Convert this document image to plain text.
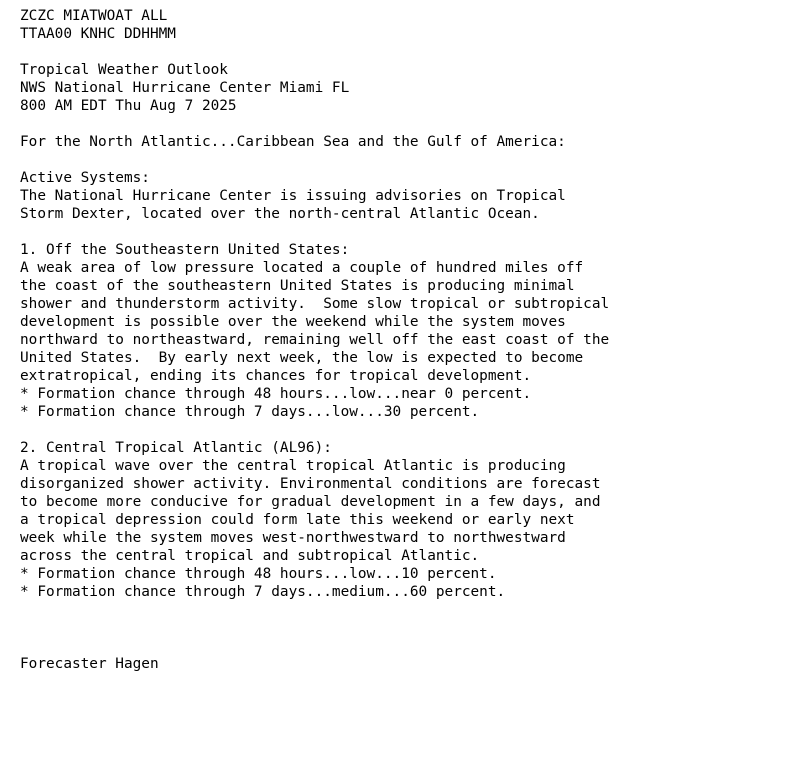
ZCZC MIATWOAT ALL
TTAA00 KNHC DDHHMM
Tropical Weather Outlook
NWS National Hurricane Center Miami FL
800 AM EDT Thu Aug 7 2025
For the North Atlantic...Caribbean Sea and the Gulf of America:
Active Systems:
The National Hurricane Center is issuing advisories on Tropical
Storm Dexter, located over the north-central Atlantic Ocean.
1. Off the Southeastern United States:
A weak area of low pressure located a couple of hundred miles off
the coast of the southeastern United States is producing minimal
shower and thunderstorm activity.  Some slow tropical or subtropical
development is possible over the weekend while the system moves
northward to northeastward, remaining well off the east coast of the
United States.  By early next week, the low is expected to become
extratropical, ending its chances for tropical development.
* Formation chance through 48 hours...low...near 0 percent.
* Formation chance through 7 days...low...30 percent.
2. Central Tropical Atlantic (AL96):
A tropical wave over the central tropical Atlantic is producing
disorganized shower activity. Environmental conditions are forecast
to become more conducive for gradual development in a few days, and
a tropical depression could form late this weekend or early next
week while the system moves west-northwestward to northwestward
across the central tropical and subtropical Atlantic.
* Formation chance through 48 hours...low...10 percent.
* Formation chance through 7 days...medium...60 percent.
Forecaster Hagen
